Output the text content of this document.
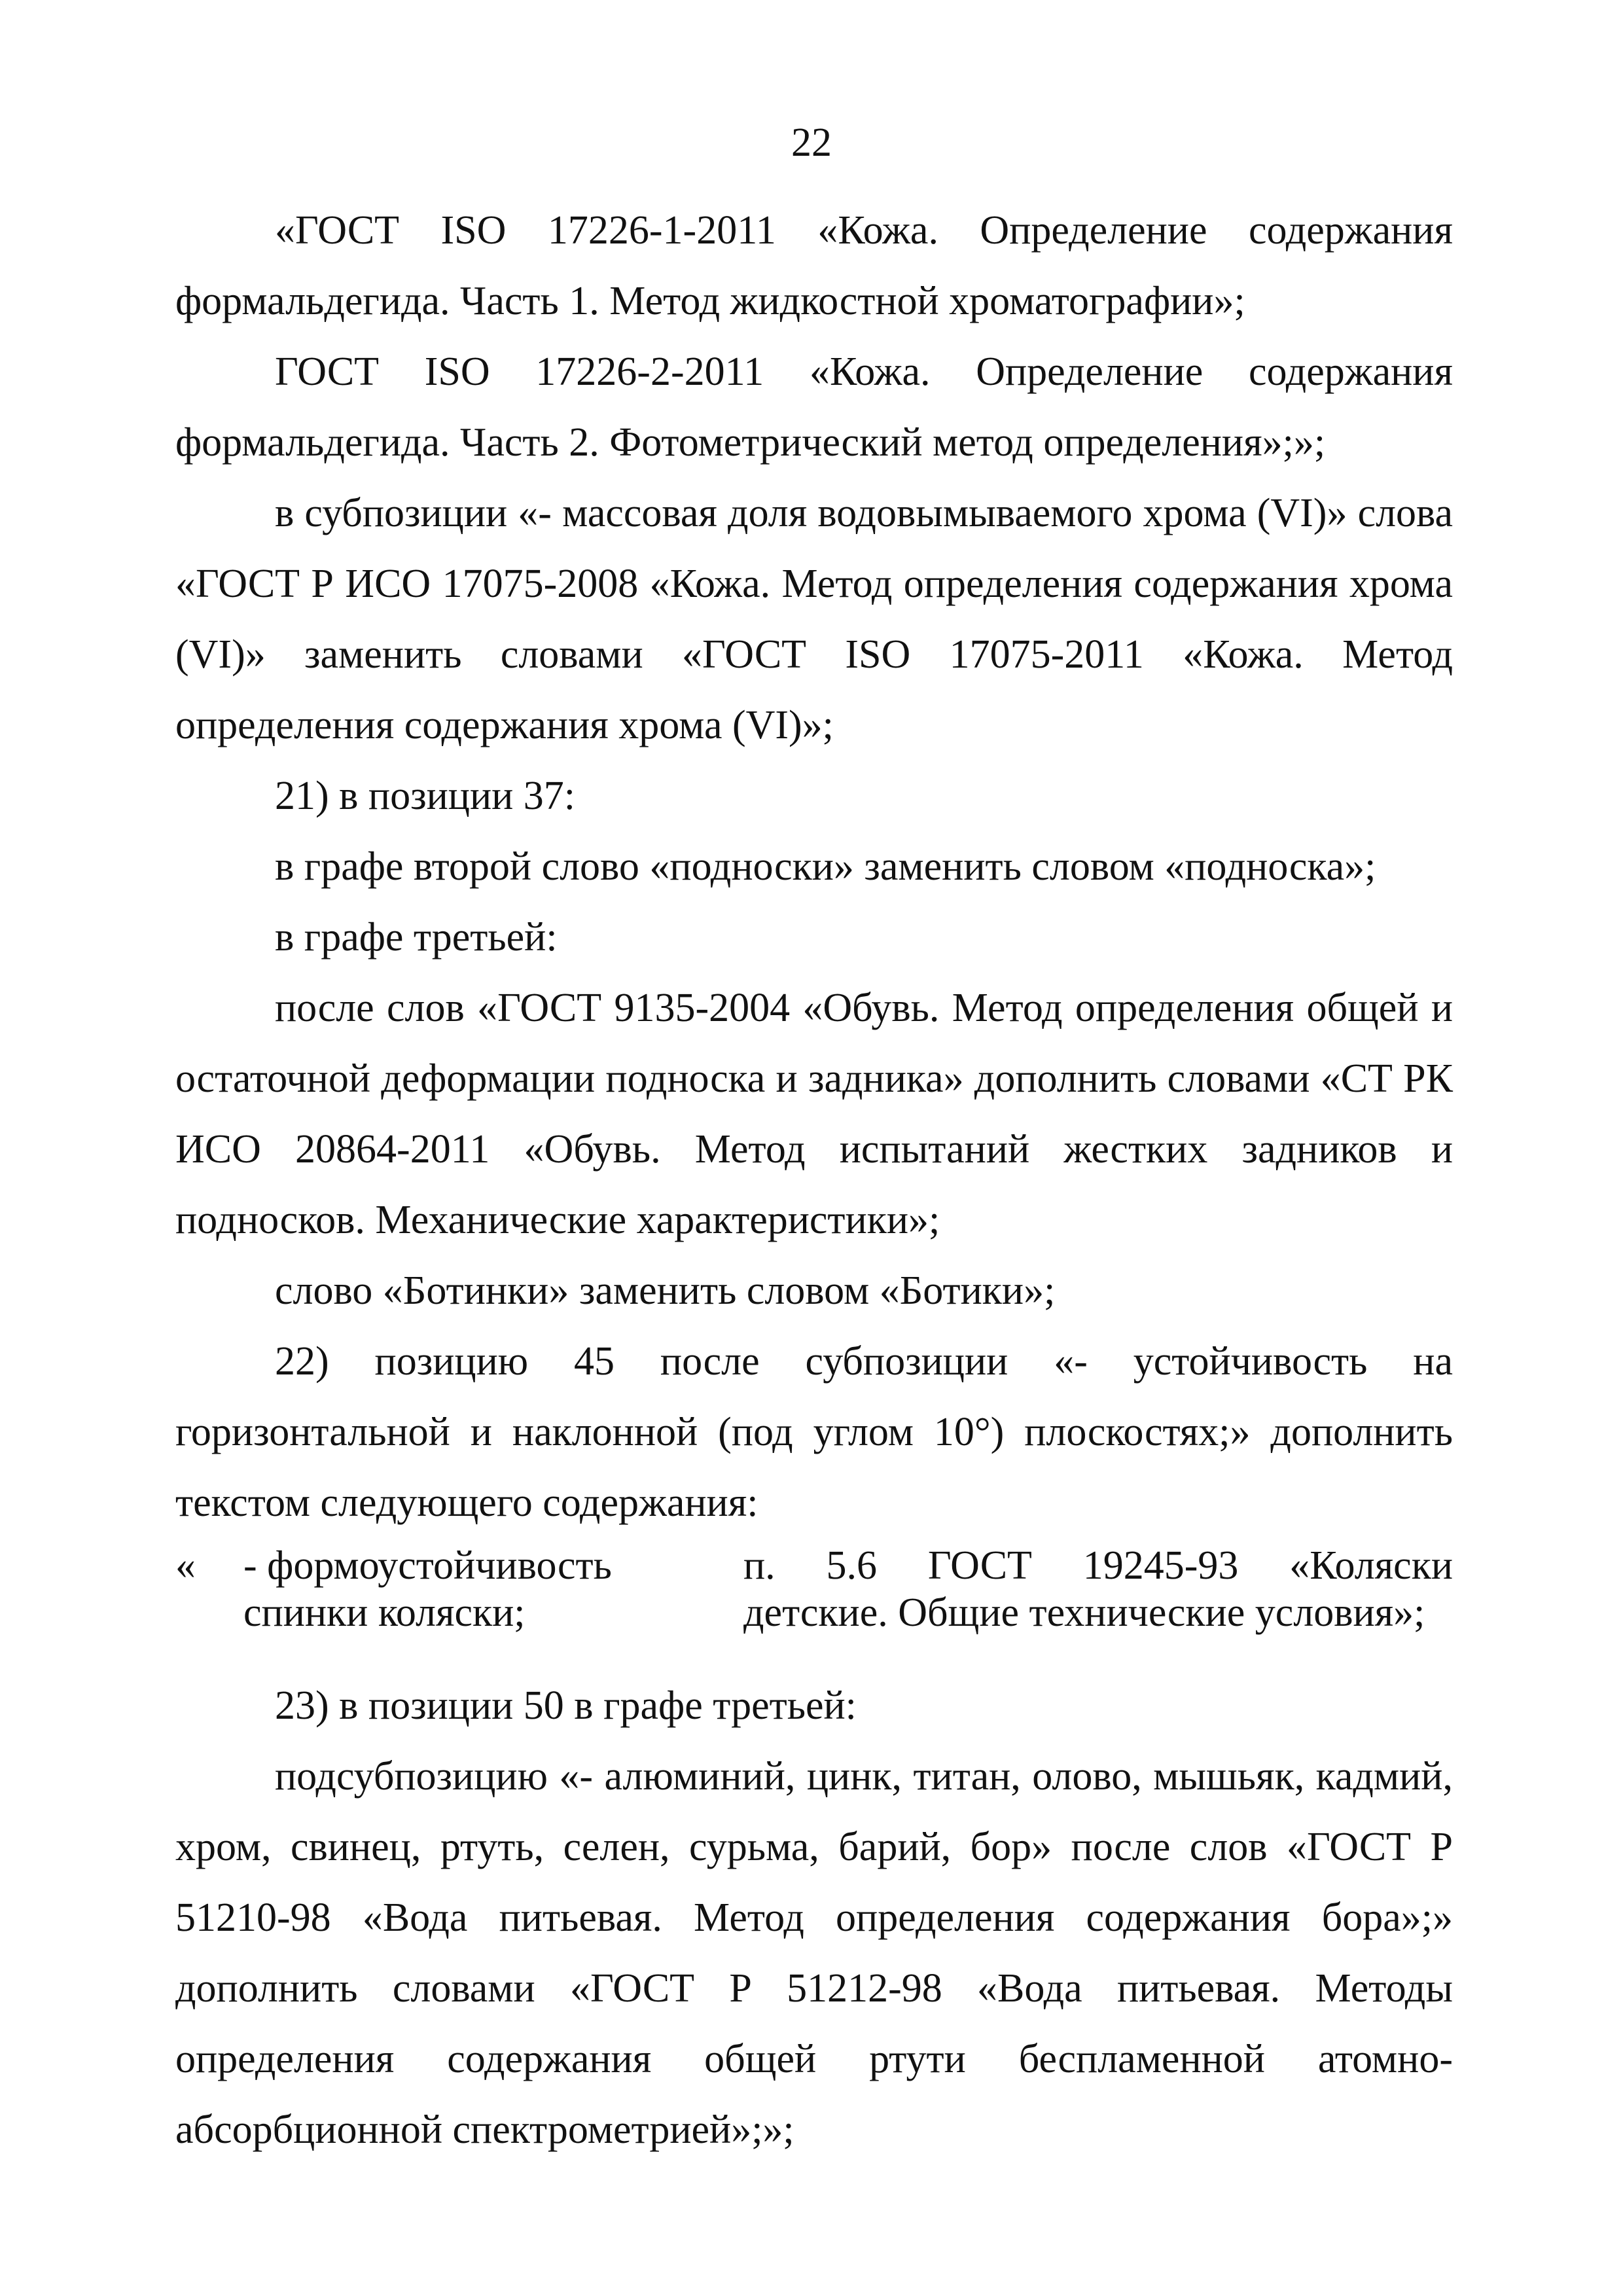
22

«ГОСТ ISO 17226-1-2011 «Кожа. Определение содержания формальдегида. Часть 1. Метод жидкостной хроматографии»;

ГОСТ ISO 17226-2-2011 «Кожа. Определение содержания формальдегида. Часть 2. Фотометрический метод определения»;»;

в субпозиции «- массовая доля водовымываемого хрома (VI)» слова «ГОСТ Р ИСО 17075-2008 «Кожа. Метод определения содержания хрома (VI)» заменить словами «ГОСТ ISO 17075-2011 «Кожа. Метод определения содержания хрома (VI)»;

21) в позиции 37:

в графе второй слово «подноски» заменить словом «подноска»;

в графе третьей:

после слов «ГОСТ 9135-2004 «Обувь. Метод определения общей и остаточной деформации подноска и задника» дополнить словами «СТ РК ИСО 20864-2011 «Обувь. Метод испытаний жестких задников и подносков. Механические характеристики»;

слово «Ботинки» заменить словом «Ботики»;

22) позицию 45 после субпозиции «- устойчивость на горизонтальной и наклонной (под углом 10°) плоскостях;» дополнить текстом следующего содержания:

« - формоустойчивость
спинки коляски;
п. 5.6 ГОСТ 19245-93 «Коляски
детские. Общие технические условия»;

23) в позиции 50 в графе третьей:

подсубпозицию «- алюминий, цинк, титан, олово, мышьяк, кадмий, хром, свинец, ртуть, селен, сурьма, барий, бор» после слов «ГОСТ Р 51210-98 «Вода питьевая. Метод определения содержания бора»;» дополнить словами «ГОСТ Р 51212-98 «Вода питьевая. Методы определения содержания общей ртути беспламенной атомно-абсорбционной спектрометрией»;»;
